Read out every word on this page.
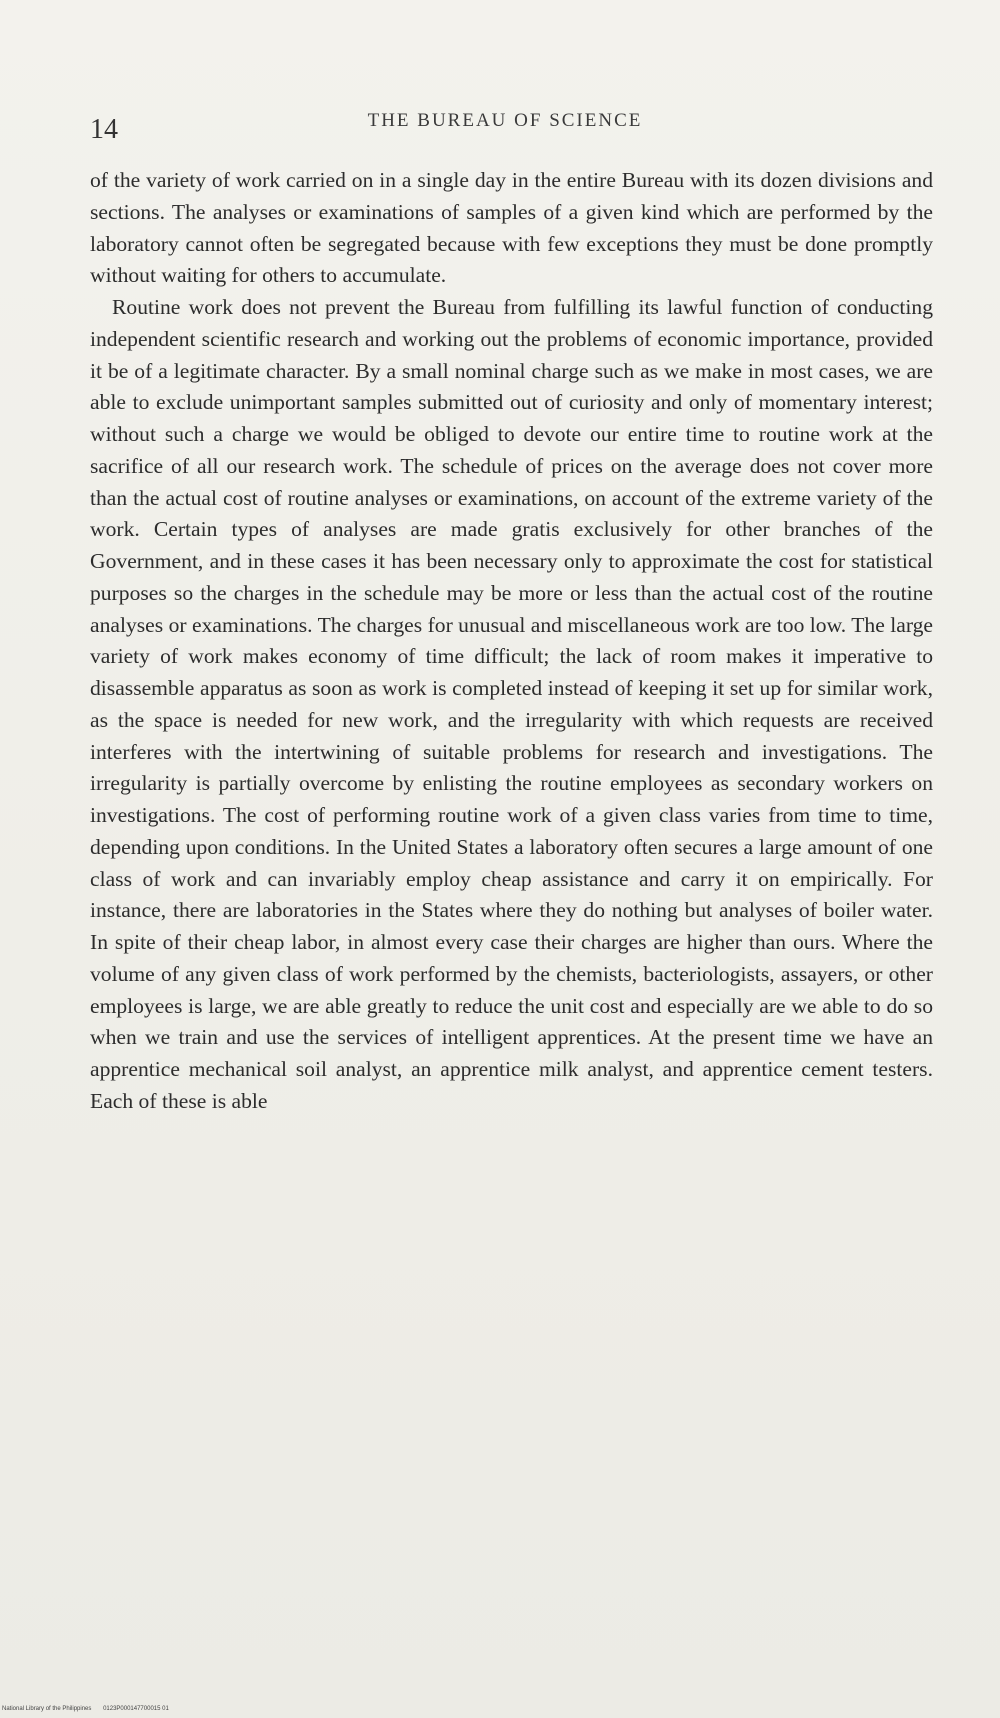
14	THE BUREAU OF SCIENCE

of the variety of work carried on in a single day in the entire Bureau with its dozen divisions and sections. The analyses or examinations of samples of a given kind which are performed by the laboratory cannot often be segregated because with few exceptions they must be done promptly without waiting for others to accumulate.

Routine work does not prevent the Bureau from fulfilling its lawful function of conducting independent scientific research and working out the problems of economic importance, provided it be of a legitimate character. By a small nominal charge such as we make in most cases, we are able to exclude unimportant samples submitted out of curiosity and only of momentary interest; without such a charge we would be obliged to devote our entire time to routine work at the sacrifice of all our research work. The schedule of prices on the average does not cover more than the actual cost of routine analyses or examinations, on account of the extreme variety of the work. Certain types of analyses are made gratis exclusively for other branches of the Government, and in these cases it has been necessary only to approximate the cost for statistical purposes so the charges in the schedule may be more or less than the actual cost of the routine analyses or examinations. The charges for unusual and miscellaneous work are too low. The large variety of work makes economy of time difficult; the lack of room makes it imperative to disassemble apparatus as soon as work is completed instead of keeping it set up for similar work, as the space is needed for new work, and the irregularity with which requests are received interferes with the intertwining of suitable problems for research and investigations. The irregularity is partially overcome by enlisting the routine employees as secondary workers on investigations. The cost of performing routine work of a given class varies from time to time, depending upon conditions. In the United States a laboratory often secures a large amount of one class of work and can invariably employ cheap assistance and carry it on empirically. For instance, there are laboratories in the States where they do nothing but analyses of boiler water. In spite of their cheap labor, in almost every case their charges are higher than ours. Where the volume of any given class of work performed by the chemists, bacteriologists, assayers, or other employees is large, we are able greatly to reduce the unit cost and especially are we able to do so when we train and use the services of intelligent apprentices. At the present time we have an apprentice mechanical soil analyst, an apprentice milk analyst, and apprentice cement testers. Each of these is able

National Library of the Philippines 0123P000147700015 01
